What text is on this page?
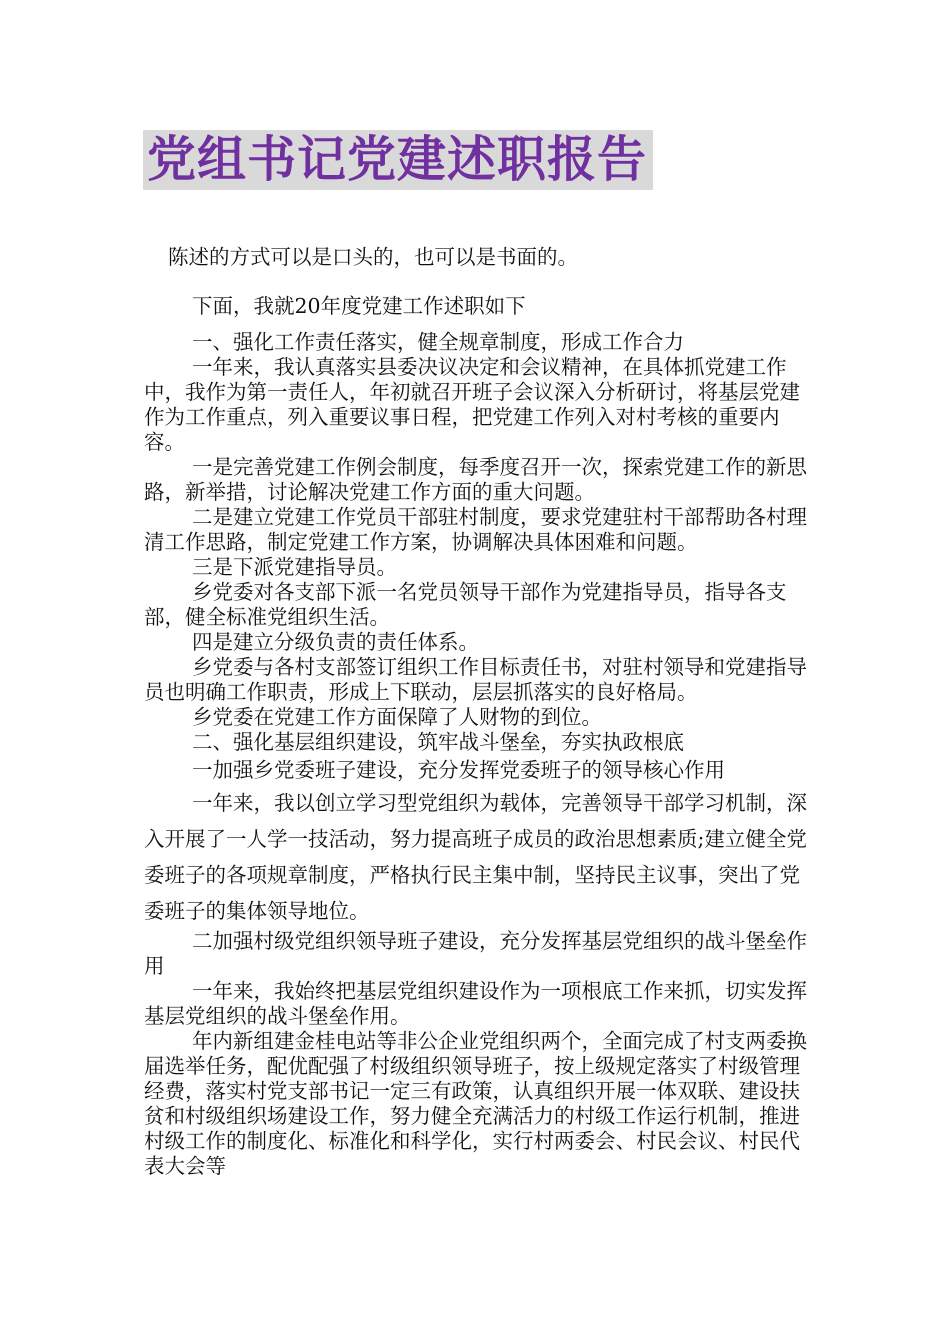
党组书记党建述职报告

陈述的方式可以是口头的，也可以是书面的。

下面，我就20年度党建工作述职如下

一、强化工作责任落实，健全规章制度，形成工作合力

一年来，我认真落实县委决议决定和会议精神，在具体抓党建工作中，我作为第一责任人，年初就召开班子会议深入分析研讨，将基层党建作为工作重点，列入重要议事日程，把党建工作列入对村考核的重要内容。

一是完善党建工作例会制度，每季度召开一次，探索党建工作的新思路，新举措，讨论解决党建工作方面的重大问题。

二是建立党建工作党员干部驻村制度，要求党建驻村干部帮助各村理清工作思路，制定党建工作方案，协调解决具体困难和问题。

三是下派党建指导员。

乡党委对各支部下派一名党员领导干部作为党建指导员，指导各支部，健全标准党组织生活。

四是建立分级负责的责任体系。

乡党委与各村支部签订组织工作目标责任书，对驻村领导和党建指导员也明确工作职责，形成上下联动，层层抓落实的良好格局。

乡党委在党建工作方面保障了人财物的到位。

二、强化基层组织建设，筑牢战斗堡垒，夯实执政根底

一加强乡党委班子建设，充分发挥党委班子的领导核心作用

一年来，我以创立学习型党组织为载体，完善领导干部学习机制，深入开展了一人学一技活动，努力提高班子成员的政治思想素质;建立健全党委班子的各项规章制度，严格执行民主集中制，坚持民主议事，突出了党委班子的集体领导地位。

二加强村级党组织领导班子建设，充分发挥基层党组织的战斗堡垒作用

一年来，我始终把基层党组织建设作为一项根底工作来抓，切实发挥基层党组织的战斗堡垒作用。

年内新组建金桂电站等非公企业党组织两个，全面完成了村支两委换届选举任务，配优配强了村级组织领导班子，按上级规定落实了村级管理经费，落实村党支部书记一定三有政策，认真组织开展一体双联、建设扶贫和村级组织场建设工作，努力健全充满活力的村级工作运行机制，推进村级工作的制度化、标准化和科学化，实行村两委会、村民会议、村民代表大会等
